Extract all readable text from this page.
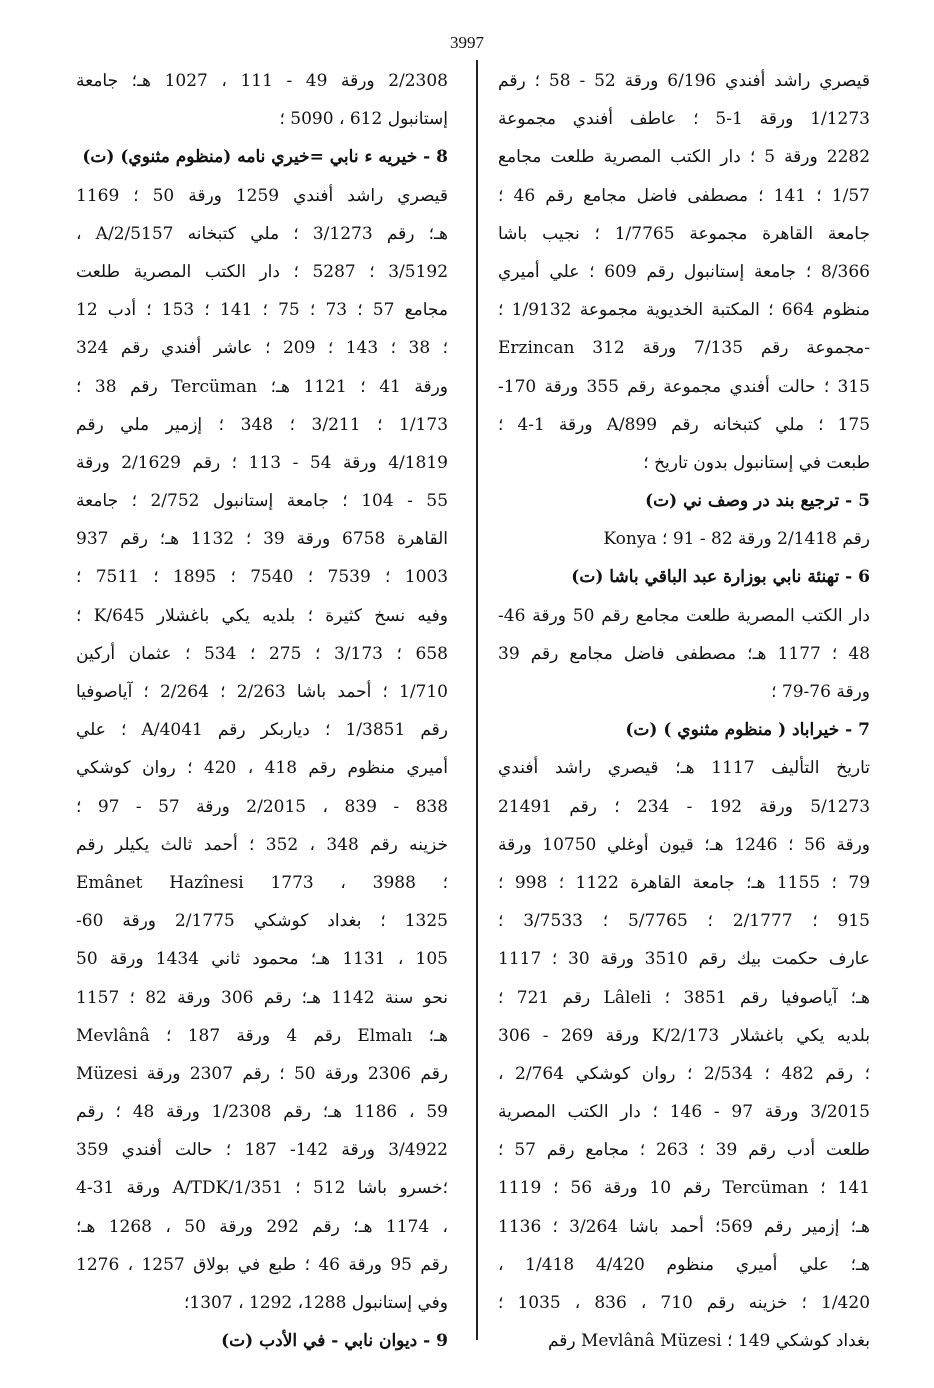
3997
قيصري راشد أفندي 6/196 ورقة 52 - 58 ؛ رقم
1/1273 ورقة 1-5 ؛ عاطف أفندي مجموعة
2282 ورقة 5 ؛ دار الكتب المصرية طلعت مجامع
1/57 ؛ 141 ؛ مصطفى فاضل مجامع رقم 46 ؛
جامعة القاهرة مجموعة 1/7765 ؛ نجيب باشا
8/366 ؛ جامعة إستانبول رقم 609 ؛ علي أميري
منظوم 664 ؛ المكتبة الخديوية مجموعة 1/9132 ؛
Erzincan مجموعة رقم 7/135 ورقة 312-
315 ؛ حالت أفندي مجموعة رقم 355 ورقة 170-
175 ؛ ملي كتبخانه رقم 899/A ورقة 1-4 ؛
طبعت في إستانبول بدون تاريخ ؛
5 - ترجيع بند در وصف ني (ت)
Konya رقم 2/1418 ورقة 82 - 91 ؛
6 - تهنئة نابي بوزارة عبد الباقي باشا (ت)
دار الكتب المصرية طلعت مجامع رقم 50 ورقة 46-
48 ؛ 1177 هـ؛ مصطفى فاضل مجامع رقم 39
ورقة 76-79 ؛
7 - خيراباد ( منظوم مثنوي ) (ت)
تاريخ التأليف 1117 هـ؛ قيصري راشد أفندي
5/1273 ورقة 192 - 234 ؛ رقم 21491
ورقة 56 ؛ 1246 هـ؛ قيون أوغلي 10750 ورقة
79 ؛ 1155 هـ؛ جامعة القاهرة 1122 ؛ 998 ؛
915 ؛ 2/1777 ؛ 5/7765 ؛ 3/7533 ؛
عارف حكمت بيك رقم 3510 ورقة 30 ؛ 1117
هـ؛ آياصوفيا رقم 3851 ؛ Lâleli رقم 721 ؛
بلديه يكي باغشلار 2/173/K ورقة 269 - 306
؛ رقم 482 ؛ 2/534 ؛ روان كوشكي 2/764 ،
3/2015 ورقة 97 - 146 ؛ دار الكتب المصرية
طلعت أدب رقم 39 ؛ 263 ؛ مجامع رقم 57 ؛
141 ؛ Tercüman رقم 10 ورقة 56 ؛ 1119
هـ؛ إزمير رقم 569؛ أحمد باشا 3/264 ؛ 1136
هـ؛ علي أميري منظوم 4/420 1/418 ،
1/420 ؛ خزينه رقم 710 ، 836 ، 1035 ؛
بغداد كوشكي 149 ؛ Mevlânâ Müzesi رقم
2/2308 ورقة 49 - 111 ، 1027 هـ؛ جامعة
إستانبول 612 ، 5090 ؛
8 - خيريه ء نابي =خيري نامه (منظوم مثنوي) (ت)
قيصري راشد أفندي 1259 ورقة 50 ؛ 1169
هـ؛ رقم 3/1273 ؛ ملي كتبخانه 2/5157/A ،
3/5192 ؛ 5287 ؛ دار الكتب المصرية طلعت
مجامع 57 ؛ 73 ؛ 75 ؛ 141 ؛ 153 ؛ أدب 12
؛ 38 ؛ 143 ؛ 209 ؛ عاشر أفندي رقم 324
ورقة 41 ؛ 1121 هـ؛ Tercüman رقم 38 ؛
1/173 ؛ 3/211 ؛ 348 ؛ إزمير ملي رقم
4/1819 ورقة 54 - 113 ؛ رقم 2/1629 ورقة
55 - 104 ؛ جامعة إستانبول 2/752 ؛ جامعة
القاهرة 6758 ورقة 39 ؛ 1132 هـ؛ رقم 937
1003 ؛ 7539 ؛ 7540 ؛ 1895 ؛ 7511 ؛
وفيه نسخ كثيرة ؛ بلديه يكي باغشلار 645/K ؛
658 ؛ 3/173 ؛ 275 ؛ 534 ؛ عثمان أركين
1/710 ؛ أحمد باشا 2/263 ؛ 2/264 ؛ آياصوفيا
رقم 1/3851 ؛ دياربكر رقم 4041/A ؛ علي
أميري منظوم رقم 418 ، 420 ؛ روان كوشكي
838 - 839 ، 2/2015 ورقة 57 - 97 ؛
خزينه رقم 348 ، 352 ؛ أحمد ثالث يكيلر رقم
Emânet Hazînesi ؛ 3988 ، 1773
1325 ؛ بغداد كوشكي 2/1775 ورقة 60-
105 ، 1131 هـ؛ محمود ثاني 1434 ورقة 50
نحو سنة 1142 هـ؛ رقم 306 ورقة 82 ؛ 1157
هـ؛ Elmalı رقم 4 ورقة 187 ؛ Mevlânâ
Müzesi رقم 2306 ورقة 50 ؛ رقم 2307 ورقة
59 ، 1186 هـ؛ رقم 1/2308 ورقة 48 ؛ رقم
3/4922 ورقة 142- 187 ؛ حالت أفندي 359
؛خسرو باشا 512 ؛ 1/351/A/TDK ورقة 31-4
، 1174 هـ؛ رقم 292 ورقة 50 ، 1268 هـ؛
رقم 95 ورقة 46 ؛ طبع في بولاق 1257 ، 1276
وفي إستانبول 1288، 1292 ، 1307؛
9 - ديوان نابي - في الأدب (ت)
